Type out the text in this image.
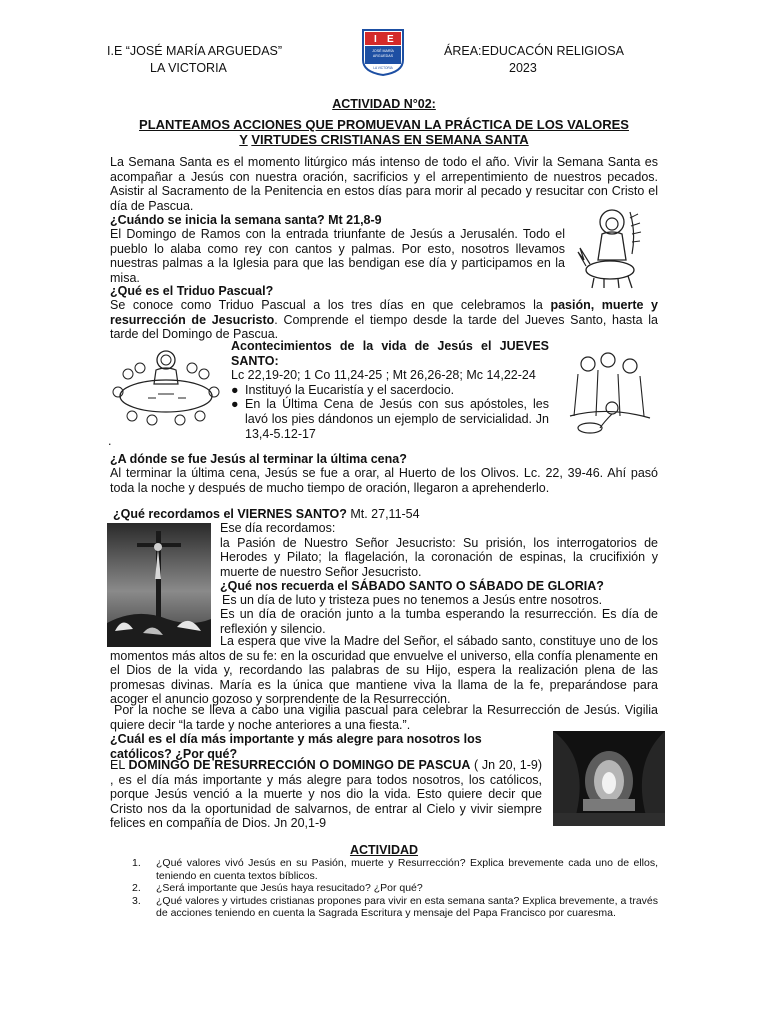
I.E “JOSÉ MARÍA ARGUEDAS”
LA VICTORIA
ÁREA:EDUCACÓN RELIGIOSA
2023
I E
JOSÉ MARÍA
ARGUEDAS
LA VICTORIA
ACTIVIDAD N°02:
PLANTEAMOS ACCIONES QUE PROMUEVAN LA PRÁCTICA DE LOS VALORES
Y VIRTUDES CRISTIANAS EN SEMANA SANTA

La Semana Santa es el momento litúrgico más intenso de todo el año. Vivir la Semana Santa es acompañar a Jesús con nuestra oración, sacrificios y el arrepentimiento de nuestros pecados. Asistir al Sacramento de la Penitencia en estos días para morir al pecado y resucitar con Cristo el día de Pascua.

¿Cuándo se inicia la semana santa? Mt 21,8-9

El Domingo de Ramos con la entrada triunfante de Jesús a Jerusalén. Todo el pueblo lo alaba como rey con cantos y palmas. Por esto, nosotros llevamos nuestras palmas a la Iglesia para que las bendigan ese día y participamos en la misa.

¿Qué es el Triduo Pascual?

Se conoce como Triduo Pascual a los tres días en que celebramos la pasión, muerte y resurrección de Jesucristo. Comprende el tiempo desde la tarde del Jueves Santo, hasta la tarde del Domingo de Pascua.

Acontecimientos de la vida de Jesús el JUEVES SANTO:

Lc 22,19-20; 1 Co 11,24-25 ; Mt 26,26-28; Mc 14,22-24

● Instituyó la Eucaristía y el sacerdocio.
● En la Última Cena de Jesús con sus apóstoles, les lavó los pies dándonos un ejemplo de servicialidad. Jn 13,4-5.12-17
.

¿A dónde se fue Jesús al terminar la última cena?

Al terminar la última cena, Jesús se fue a orar, al Huerto de los Olivos. Lc. 22, 39-46. Ahí pasó toda la noche y después de mucho tiempo de oración, llegaron a aprehenderlo.

¿Qué recordamos el VIERNES SANTO? Mt. 27,11-54

Ese día recordamos:

la Pasión de Nuestro Señor Jesucristo: Su prisión, los interrogatorios de Herodes y Pilato; la flagelación, la coronación de espinas, la crucifixión y muerte de nuestro Señor Jesucristo.

¿Qué nos recuerda el SÁBADO SANTO O SÁBADO DE GLORIA?

Es un día de luto y tristeza pues no tenemos a Jesús entre nosotros.

Es un día de oración junto a la tumba esperando la resurrección. Es día de reflexión y silencio.

La espera que vive la Madre del Señor, el sábado santo, constituye uno de los momentos más altos de su fe: en la oscuridad que envuelve el universo, ella confía plenamente en el Dios de la vida y, recordando las palabras de su Hijo, espera la realización plena de las promesas divinas. María es la única que mantiene viva la llama de la fe, preparándose para acoger el anuncio gozoso y sorprendente de la Resurrección.

Por la noche se lleva a cabo una vigilia pascual para celebrar la Resurrección de Jesús. Vigilia quiere decir “la tarde y noche anteriores a una fiesta.”.

¿Cuál es el día más importante y más alegre para nosotros los católicos? ¿Por qué?

EL DOMINGO DE RESURRECCIÓN O DOMINGO DE PASCUA ( Jn 20, 1-9) , es el día más importante y más alegre para todos nosotros, los católicos, porque Jesús venció a la muerte y nos dio la vida. Esto quiere decir que Cristo nos da la oportunidad de salvarnos, de entrar al Cielo y vivir siempre felices en compañía de Dios. Jn 20,1-9

ACTIVIDAD
1.	¿Qué valores vivó Jesús en su Pasión, muerte y Resurrección? Explica brevemente cada uno de ellos, teniendo en cuenta textos bíblicos.
2.	¿Será importante que Jesús haya resucitado? ¿Por qué?
3.	¿Qué valores y virtudes cristianas propones para vivir en esta semana santa? Explica brevemente, a través de acciones teniendo en cuenta la Sagrada Escritura y mensaje del Papa Francisco por cuaresma.
